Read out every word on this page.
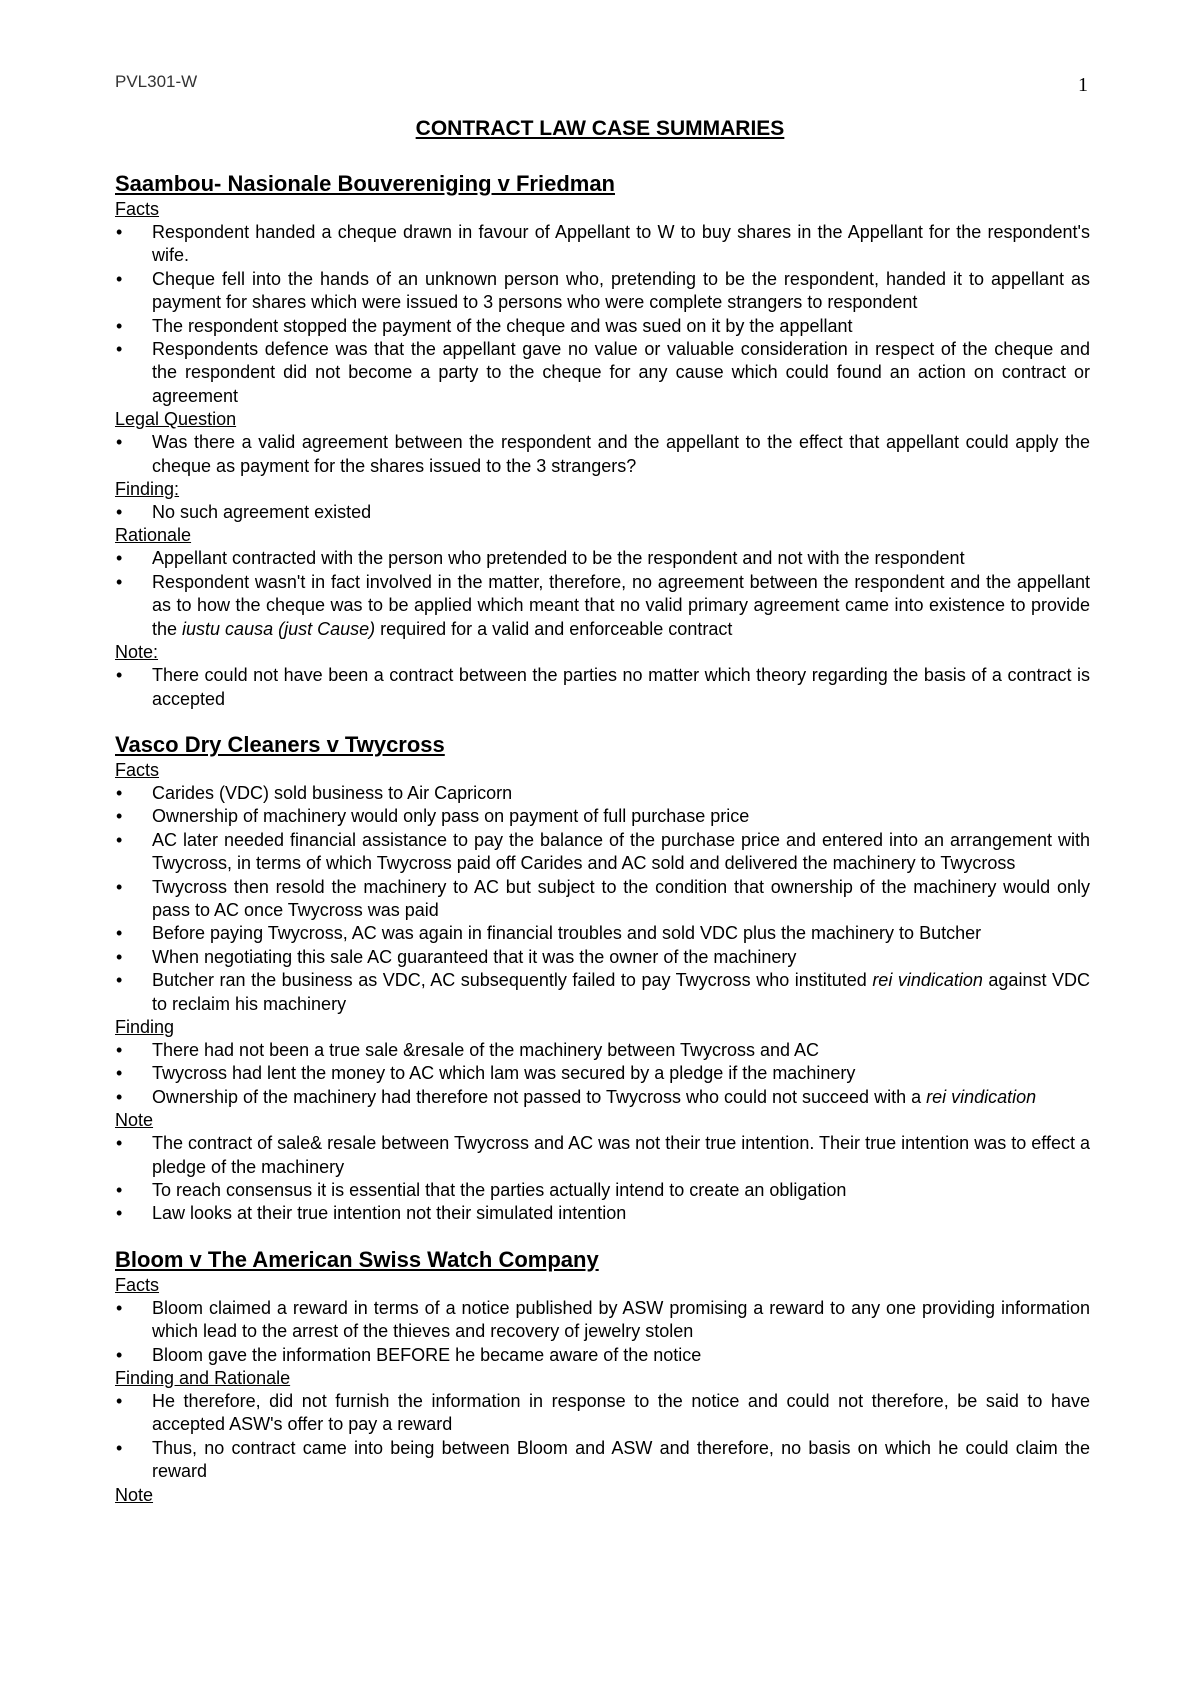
PVL301-W	1
CONTRACT LAW CASE SUMMARIES
Saambou- Nasionale Bouvereniging v Friedman
Facts
• Respondent handed a cheque drawn in favour of Appellant to W to buy shares in the Appellant for the respondent's wife.
• Cheque fell into the hands of an unknown person who, pretending to be the respondent, handed it to appellant as payment for shares which were issued to 3 persons who were complete strangers to respondent
• The respondent stopped the payment of the cheque and was sued on it by the appellant
• Respondents defence was that the appellant gave no value or valuable consideration in respect of the cheque and the respondent did not become a party to the cheque for any cause which could found an action on contract or agreement
Legal Question
• Was there a valid agreement between the respondent and the appellant to the effect that appellant could apply the cheque as payment for the shares issued to the 3 strangers?
Finding:
• No such agreement existed
Rationale
• Appellant contracted with the person who pretended to be the respondent and not with the respondent
• Respondent wasn't in fact involved in the matter, therefore, no agreement between the respondent and the appellant as to how the cheque was to be applied which meant that no valid primary agreement came into existence to provide the iustu causa (just Cause) required for a valid and enforceable contract
Note:
• There could not have been a contract between the parties no matter which theory regarding the basis of a contract is accepted
Vasco Dry Cleaners v Twycross
Facts
• Carides (VDC) sold business to Air Capricorn
• Ownership of machinery would only pass on payment of full purchase price
• AC later needed financial assistance to pay the balance of the purchase price and entered into an arrangement with Twycross, in terms of which Twycross paid off Carides and AC sold and delivered the machinery to Twycross
• Twycross then resold the machinery to AC but subject to the condition that ownership of the machinery would only pass to AC once Twycross was paid
• Before paying Twycross, AC was again in financial troubles and sold VDC plus the machinery to Butcher
• When negotiating this sale AC guaranteed that it was the owner of the machinery
• Butcher ran the business as VDC, AC subsequently failed to pay Twycross who instituted rei vindication against VDC to reclaim his machinery
Finding
• There had not been a true sale &resale of the machinery between Twycross and AC
• Twycross had lent the money to AC which lam was secured by a pledge if the machinery
• Ownership of the machinery had therefore not passed to Twycross who could not succeed with a rei vindication
Note
• The contract of sale& resale between Twycross and AC was not their true intention. Their true intention was to effect a pledge of the machinery
• To reach consensus it is essential that the parties actually intend to create an obligation
• Law looks at their true intention not their simulated intention
Bloom v The American Swiss Watch Company
Facts
• Bloom claimed a reward in terms of a notice published by ASW promising a reward to any one providing information which lead to the arrest of the thieves and recovery of jewelry stolen
• Bloom gave the information BEFORE he became aware of the notice
Finding and Rationale
• He therefore, did not furnish the information in response to the notice and could not therefore, be said to have accepted ASW's offer to pay a reward
• Thus, no contract came into being between Bloom and ASW and therefore, no basis on which he could claim the reward
Note
